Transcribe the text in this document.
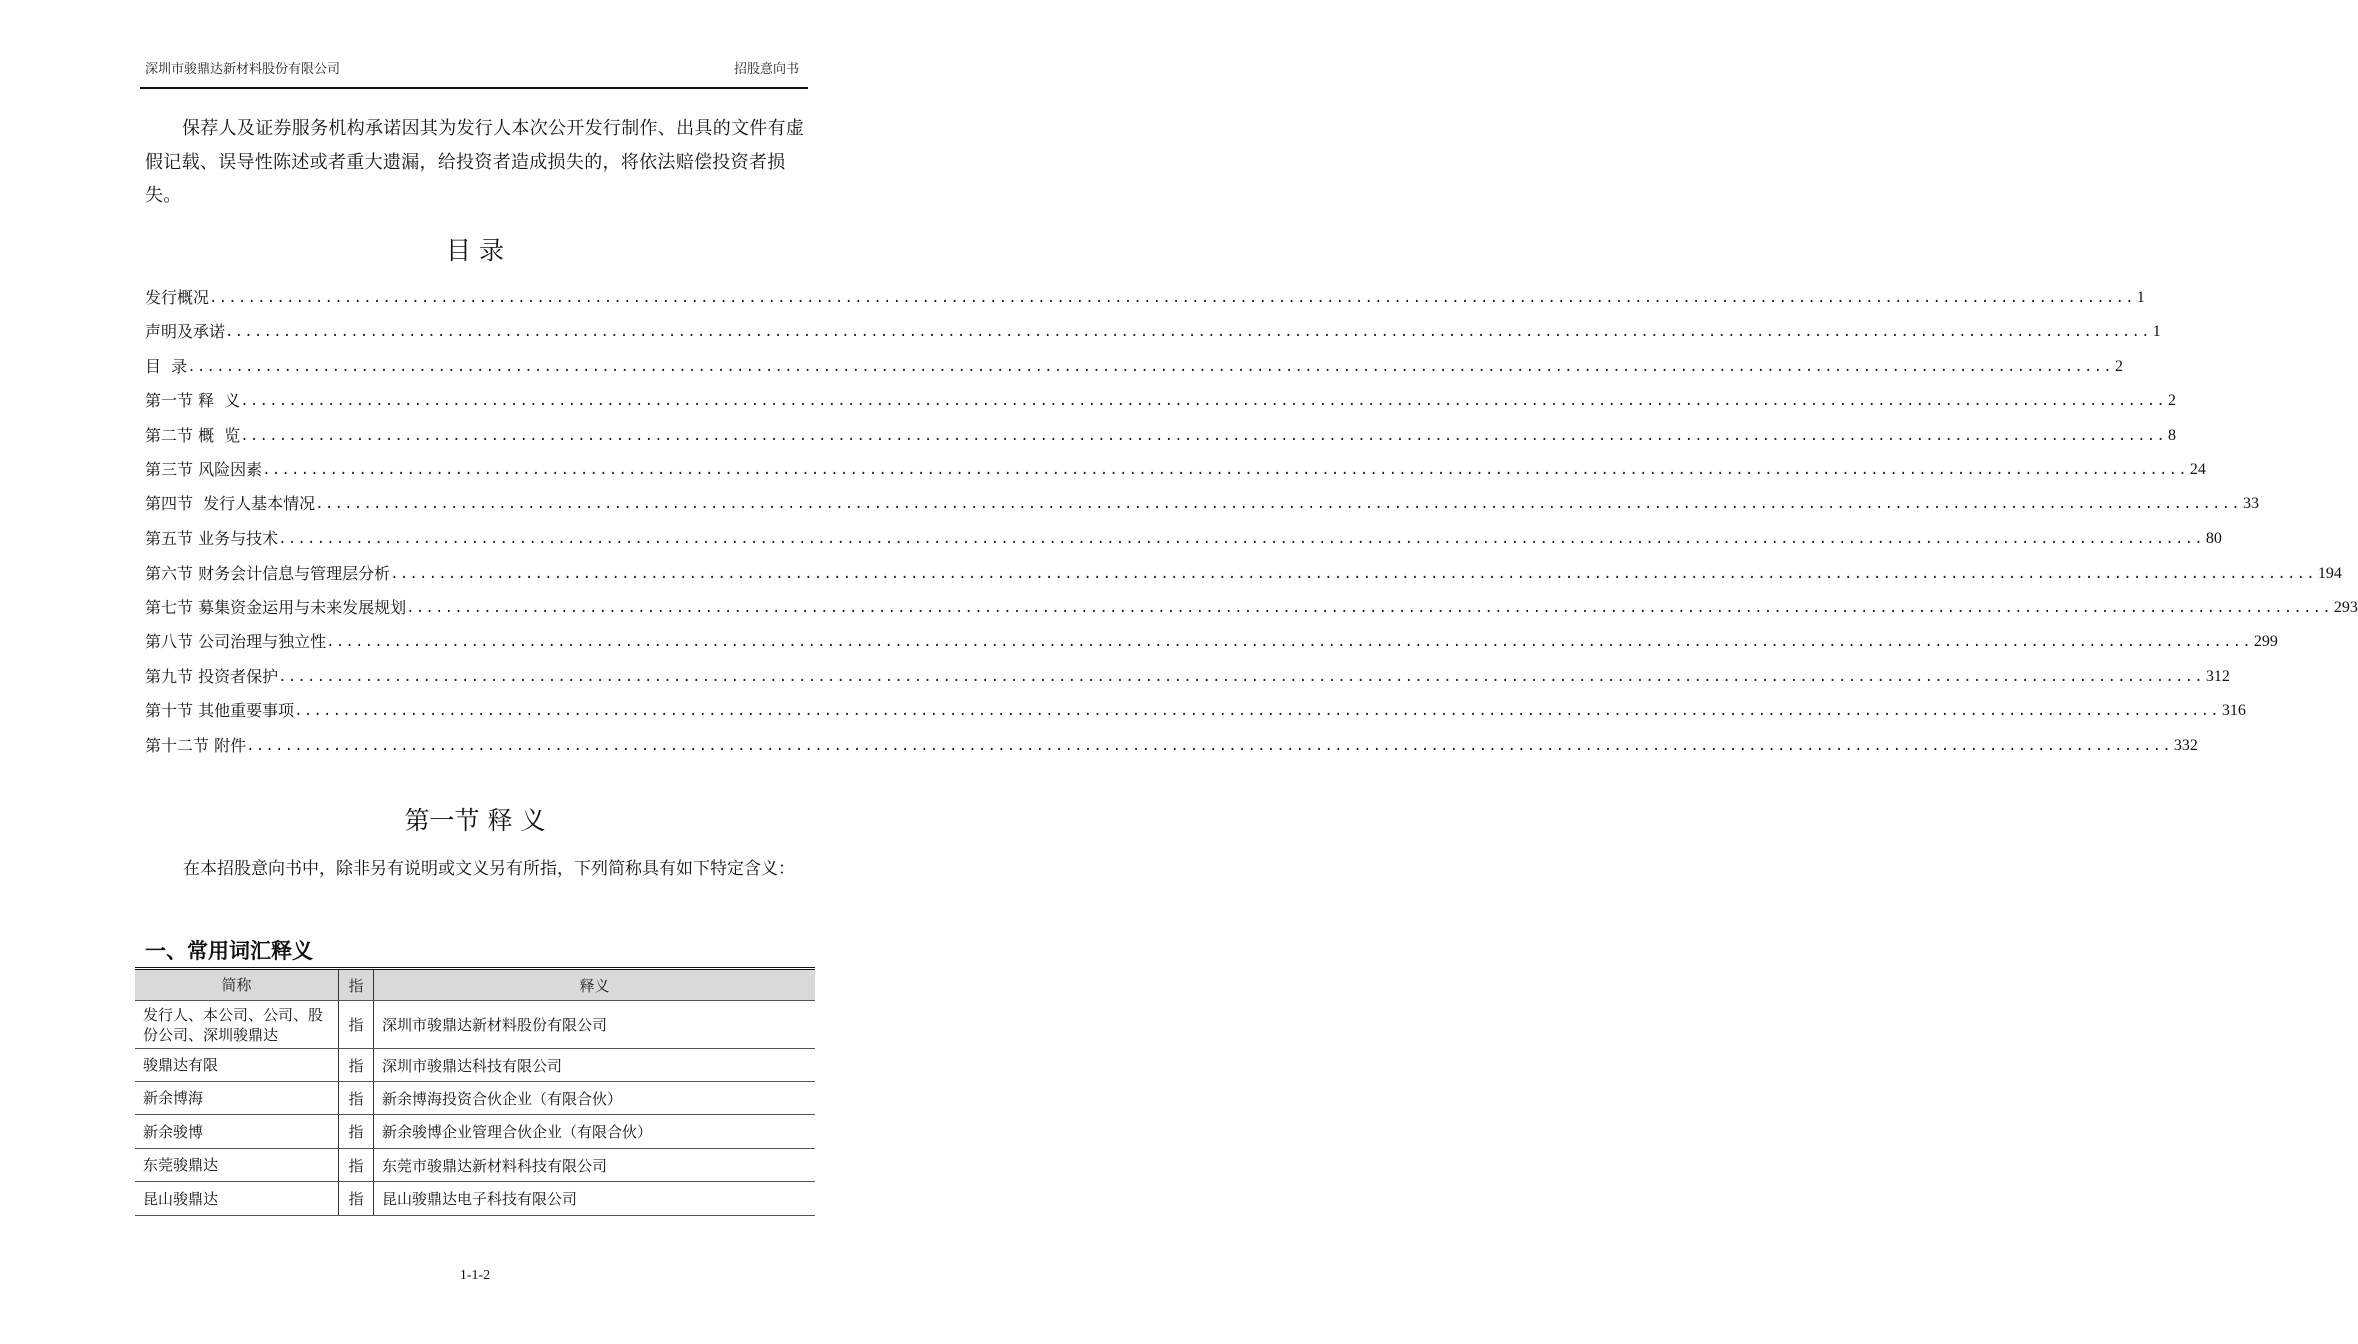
深圳市骏鼎达新材料股份有限公司	招股意向书
保荐人及证券服务机构承诺因其为发行人本次公开发行制作、出具的文件有虚假记载、误导性陈述或者重大遗漏，给投资者造成损失的，将依法赔偿投资者损失。
目 录
发行概况 ........................................................................................................................................................................................................ 1
声明及承诺 ........................................................................................................................................................................................................ 1
目  录 ........................................................................................................................................................................................................ 2
第一节 释  义 ........................................................................................................................................................................................................ 2
第二节 概  览 ........................................................................................................................................................................................................ 8
第三节 风险因素 ........................................................................................................................................................................................................ 24
第四节  发行人基本情况 ........................................................................................................................................................................................................ 33
第五节 业务与技术 ........................................................................................................................................................................................................ 80
第六节 财务会计信息与管理层分析 ........................................................................................................................................................................................................ 194
第七节 募集资金运用与未来发展规划 ........................................................................................................................................................................................................ 293
第八节 公司治理与独立性 ........................................................................................................................................................................................................ 299
第九节 投资者保护 ........................................................................................................................................................................................................ 312
第十节 其他重要事项 ........................................................................................................................................................................................................ 316
第十二节 附件 ........................................................................................................................................................................................................ 332
第一节 释 义
在本招股意向书中，除非另有说明或文义另有所指，下列简称具有如下特定含义：
一、常用词汇释义
简称	指	释义
发行人、本公司、公司、股份公司、深圳骏鼎达	指	深圳市骏鼎达新材料股份有限公司
骏鼎达有限	指	深圳市骏鼎达科技有限公司
新余博海	指	新余博海投资合伙企业（有限合伙）
新余骏博	指	新余骏博企业管理合伙企业（有限合伙）
东莞骏鼎达	指	东莞市骏鼎达新材料科技有限公司
昆山骏鼎达	指	昆山骏鼎达电子科技有限公司
1-1-2
